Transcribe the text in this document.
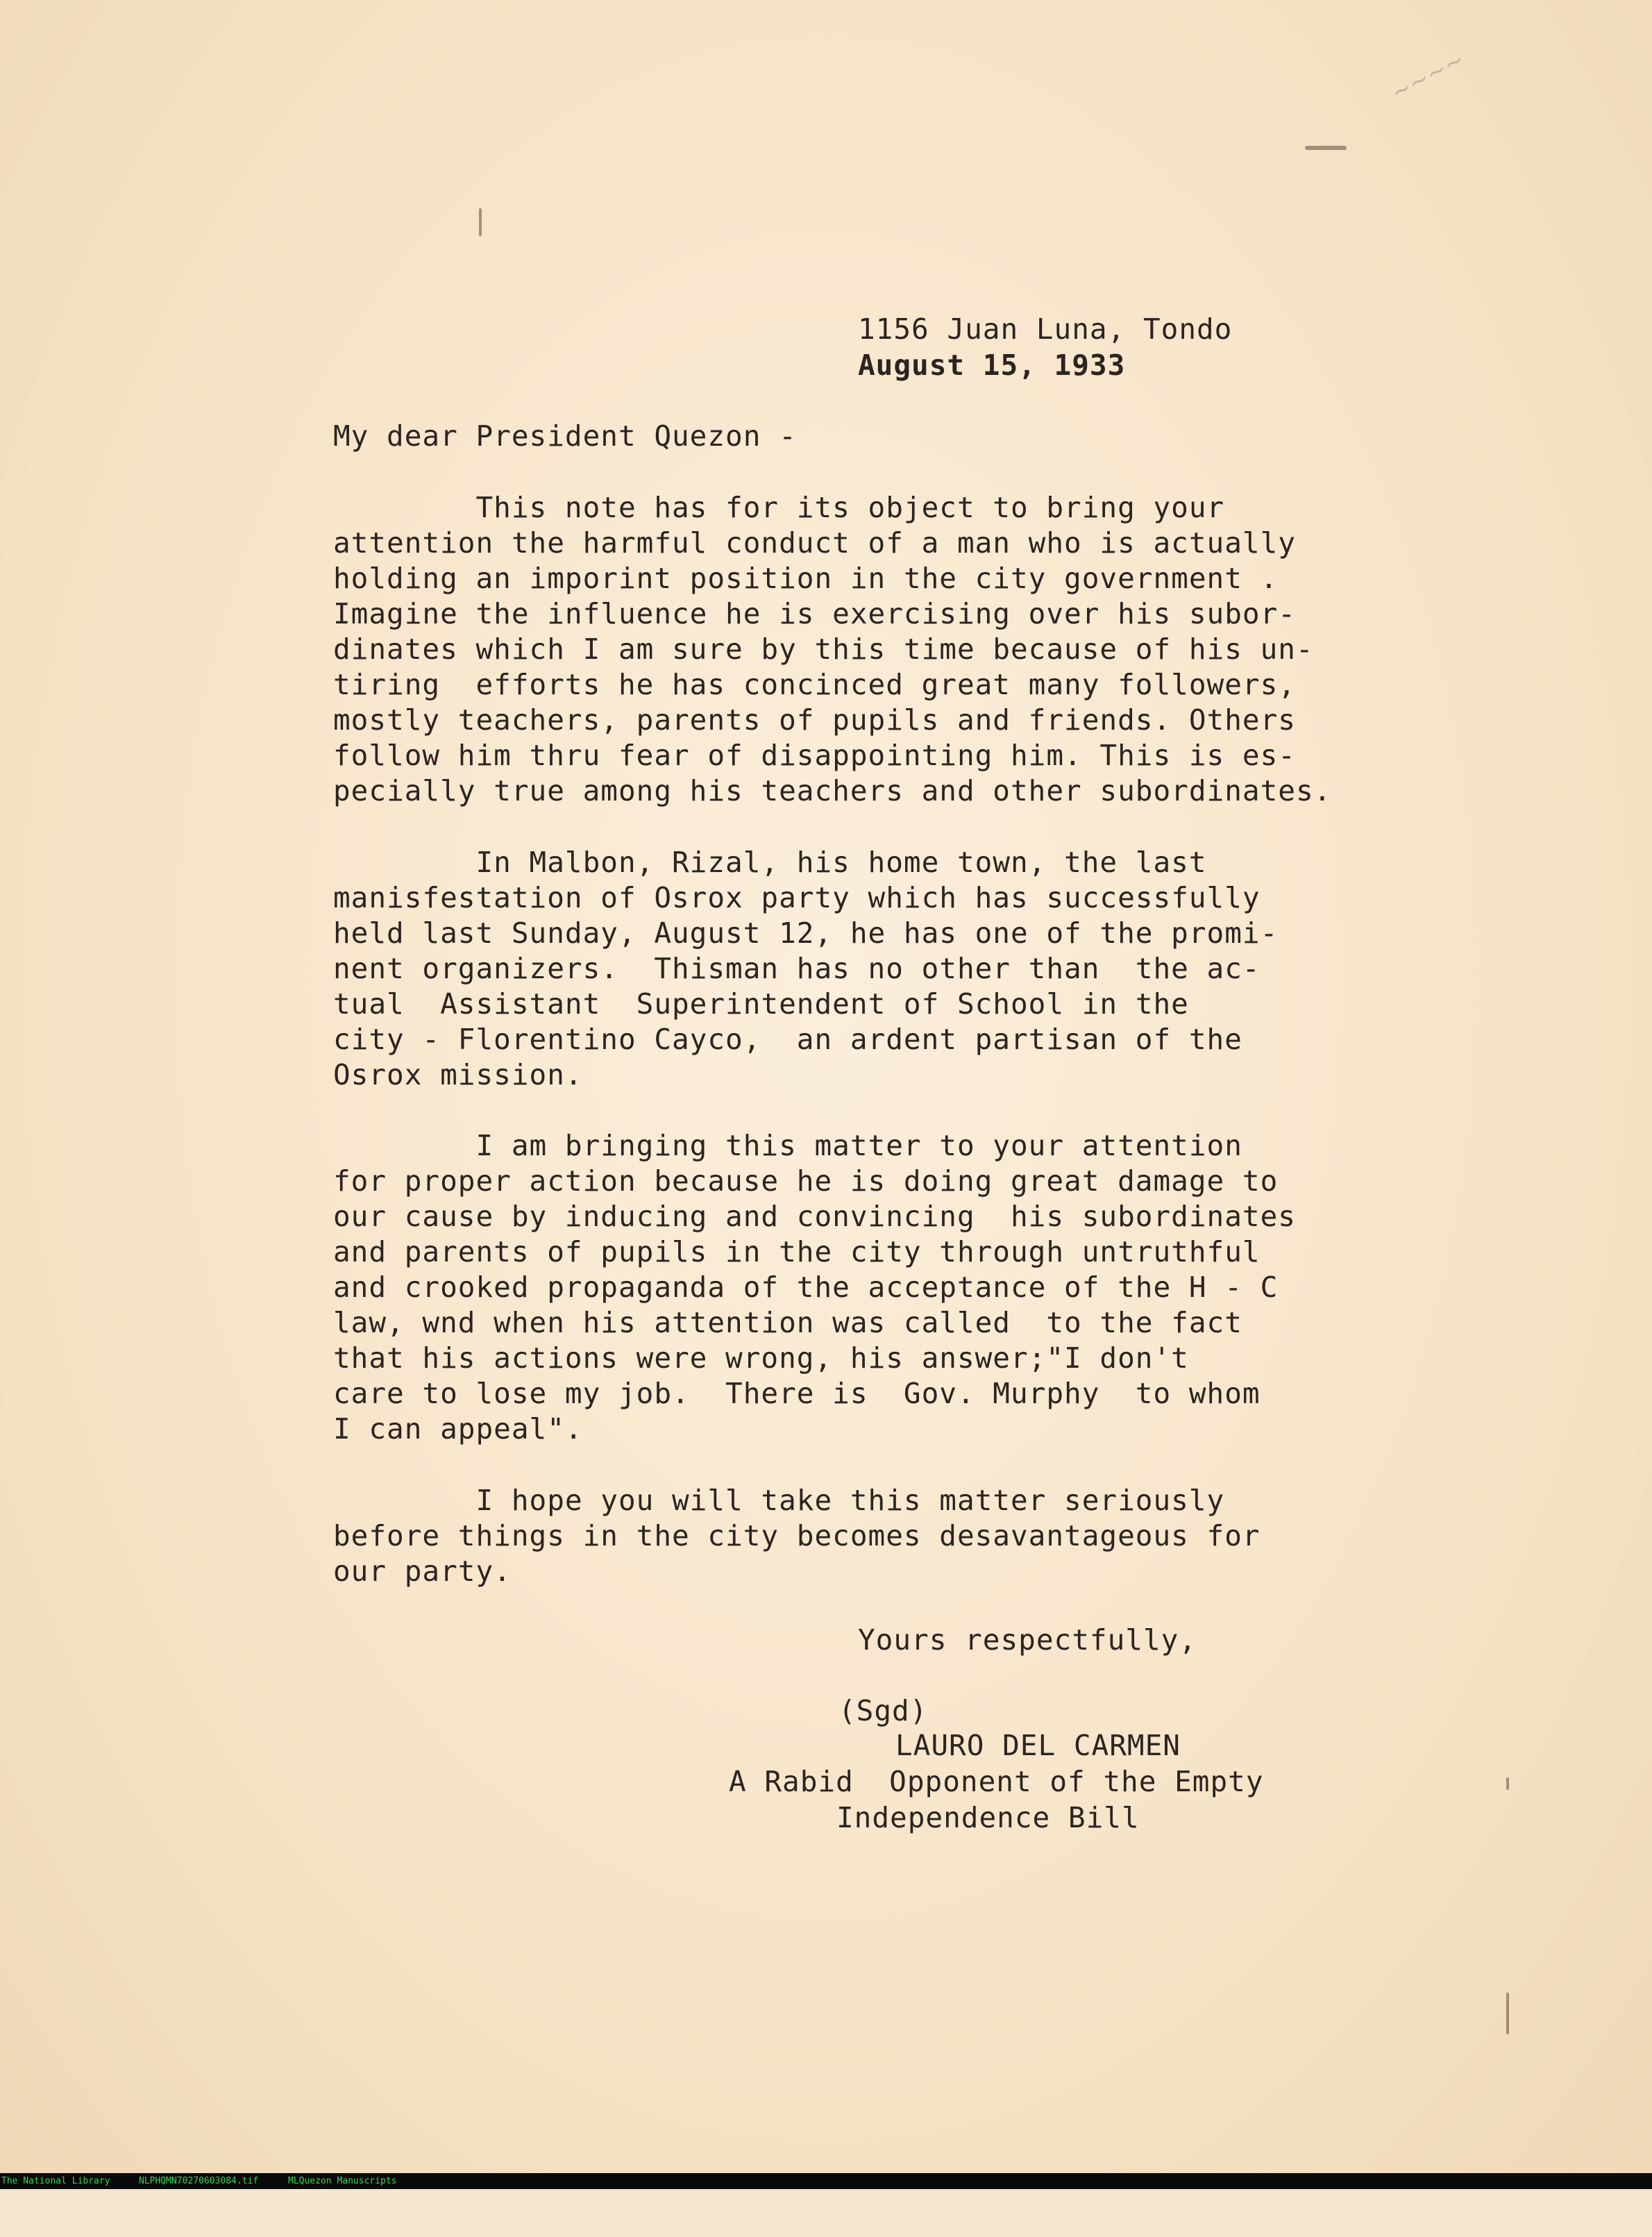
~~~~
1156 Juan Luna, Tondo
August 15, 1933
My dear President Quezon -
This note has for its object to bring your
attention the harmful conduct of a man who is actually
holding an imporint position in the city government .
Imagine the influence he is exercising over his subor-
dinates which I am sure by this time because of his un-
tiring  efforts he has concinced great many followers,
mostly teachers, parents of pupils and friends. Others
follow him thru fear of disappointing him. This is es-
pecially true among his teachers and other subordinates.
In Malbon, Rizal, his home town, the last
manisfestation of Osrox party which has successfully
held last Sunday, August 12, he has one of the promi-
nent organizers.  Thisman has no other than  the ac-
tual  Assistant  Superintendent of School in the
city - Florentino Cayco,  an ardent partisan of the
Osrox mission.
I am bringing this matter to your attention
for proper action because he is doing great damage to
our cause by inducing and convincing  his subordinates
and parents of pupils in the city through untruthful
and crooked propaganda of the acceptance of the H - C
law, wnd when his attention was called  to the fact
that his actions were wrong, his answer;"I don't
care to lose my job.  There is  Gov. Murphy  to whom
I can appeal".
I hope you will take this matter seriously
before things in the city becomes desavantageous for
our party.
Yours respectfully,
(Sgd)
LAURO DEL CARMEN
A Rabid  Opponent of the Empty
Independence Bill

The National Library

	NLPHQMN70270603084.tif

	MLQuezon Manuscripts
